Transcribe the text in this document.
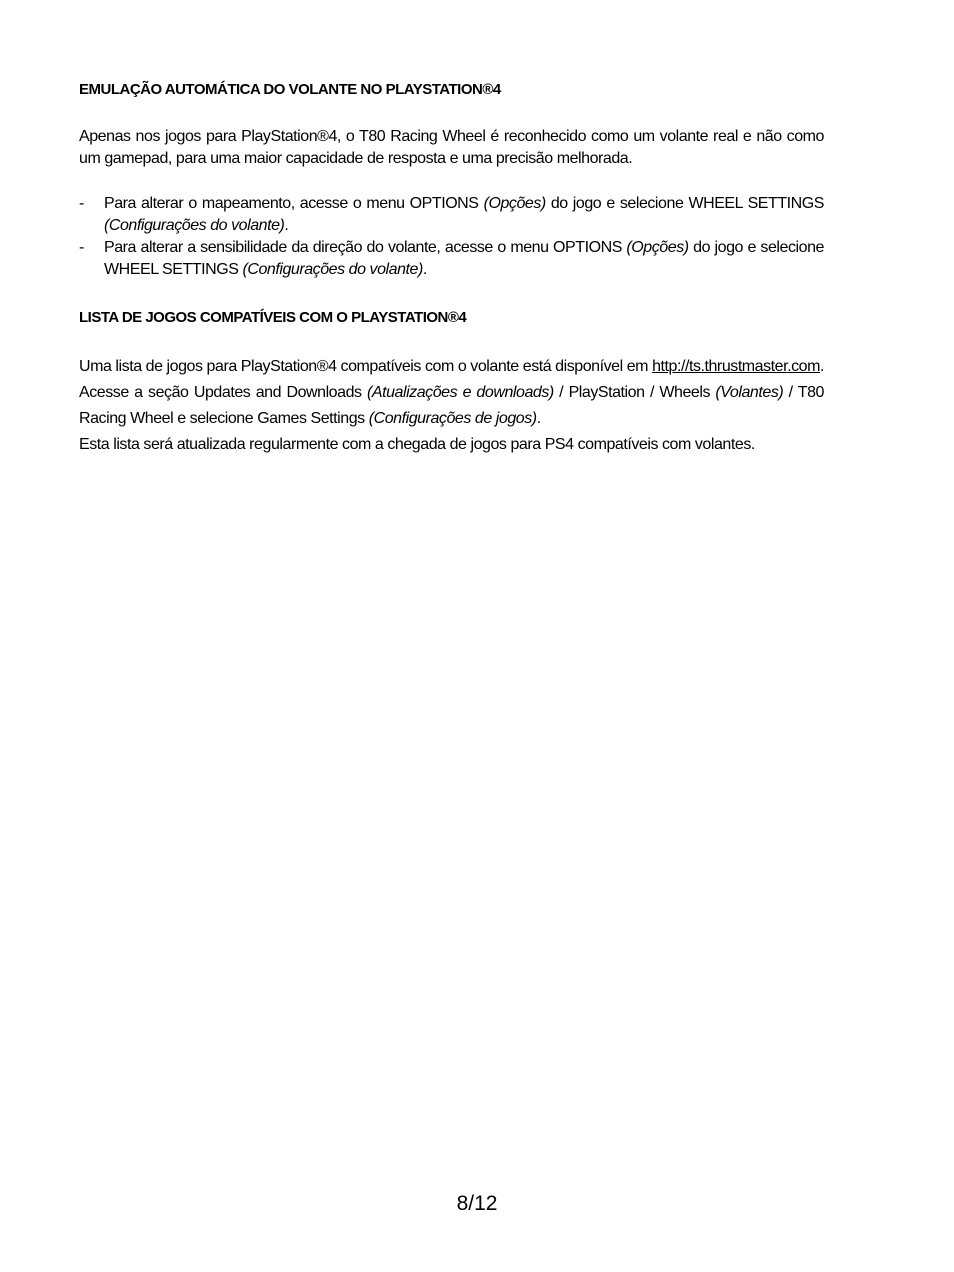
EMULAÇÃO AUTOMÁTICA DO VOLANTE NO PLAYSTATION®4

Apenas nos jogos para PlayStation®4, o T80 Racing Wheel é reconhecido como um volante real e não como um gamepad, para uma maior capacidade de resposta e uma precisão melhorada.

- Para alterar o mapeamento, acesse o menu OPTIONS (Opções) do jogo e selecione WHEEL SETTINGS (Configurações do volante).
- Para alterar a sensibilidade da direção do volante, acesse o menu OPTIONS (Opções) do jogo e selecione WHEEL SETTINGS (Configurações do volante).
LISTA DE JOGOS COMPATÍVEIS COM O PLAYSTATION®4

Uma lista de jogos para PlayStation®4 compatíveis com o volante está disponível em http://ts.thrustmaster.com. Acesse a seção Updates and Downloads (Atualizações e downloads) / PlayStation / Wheels (Volantes) / T80 Racing Wheel e selecione Games Settings (Configurações de jogos).

Esta lista será atualizada regularmente com a chegada de jogos para PS4 compatíveis com volantes.

8/12
